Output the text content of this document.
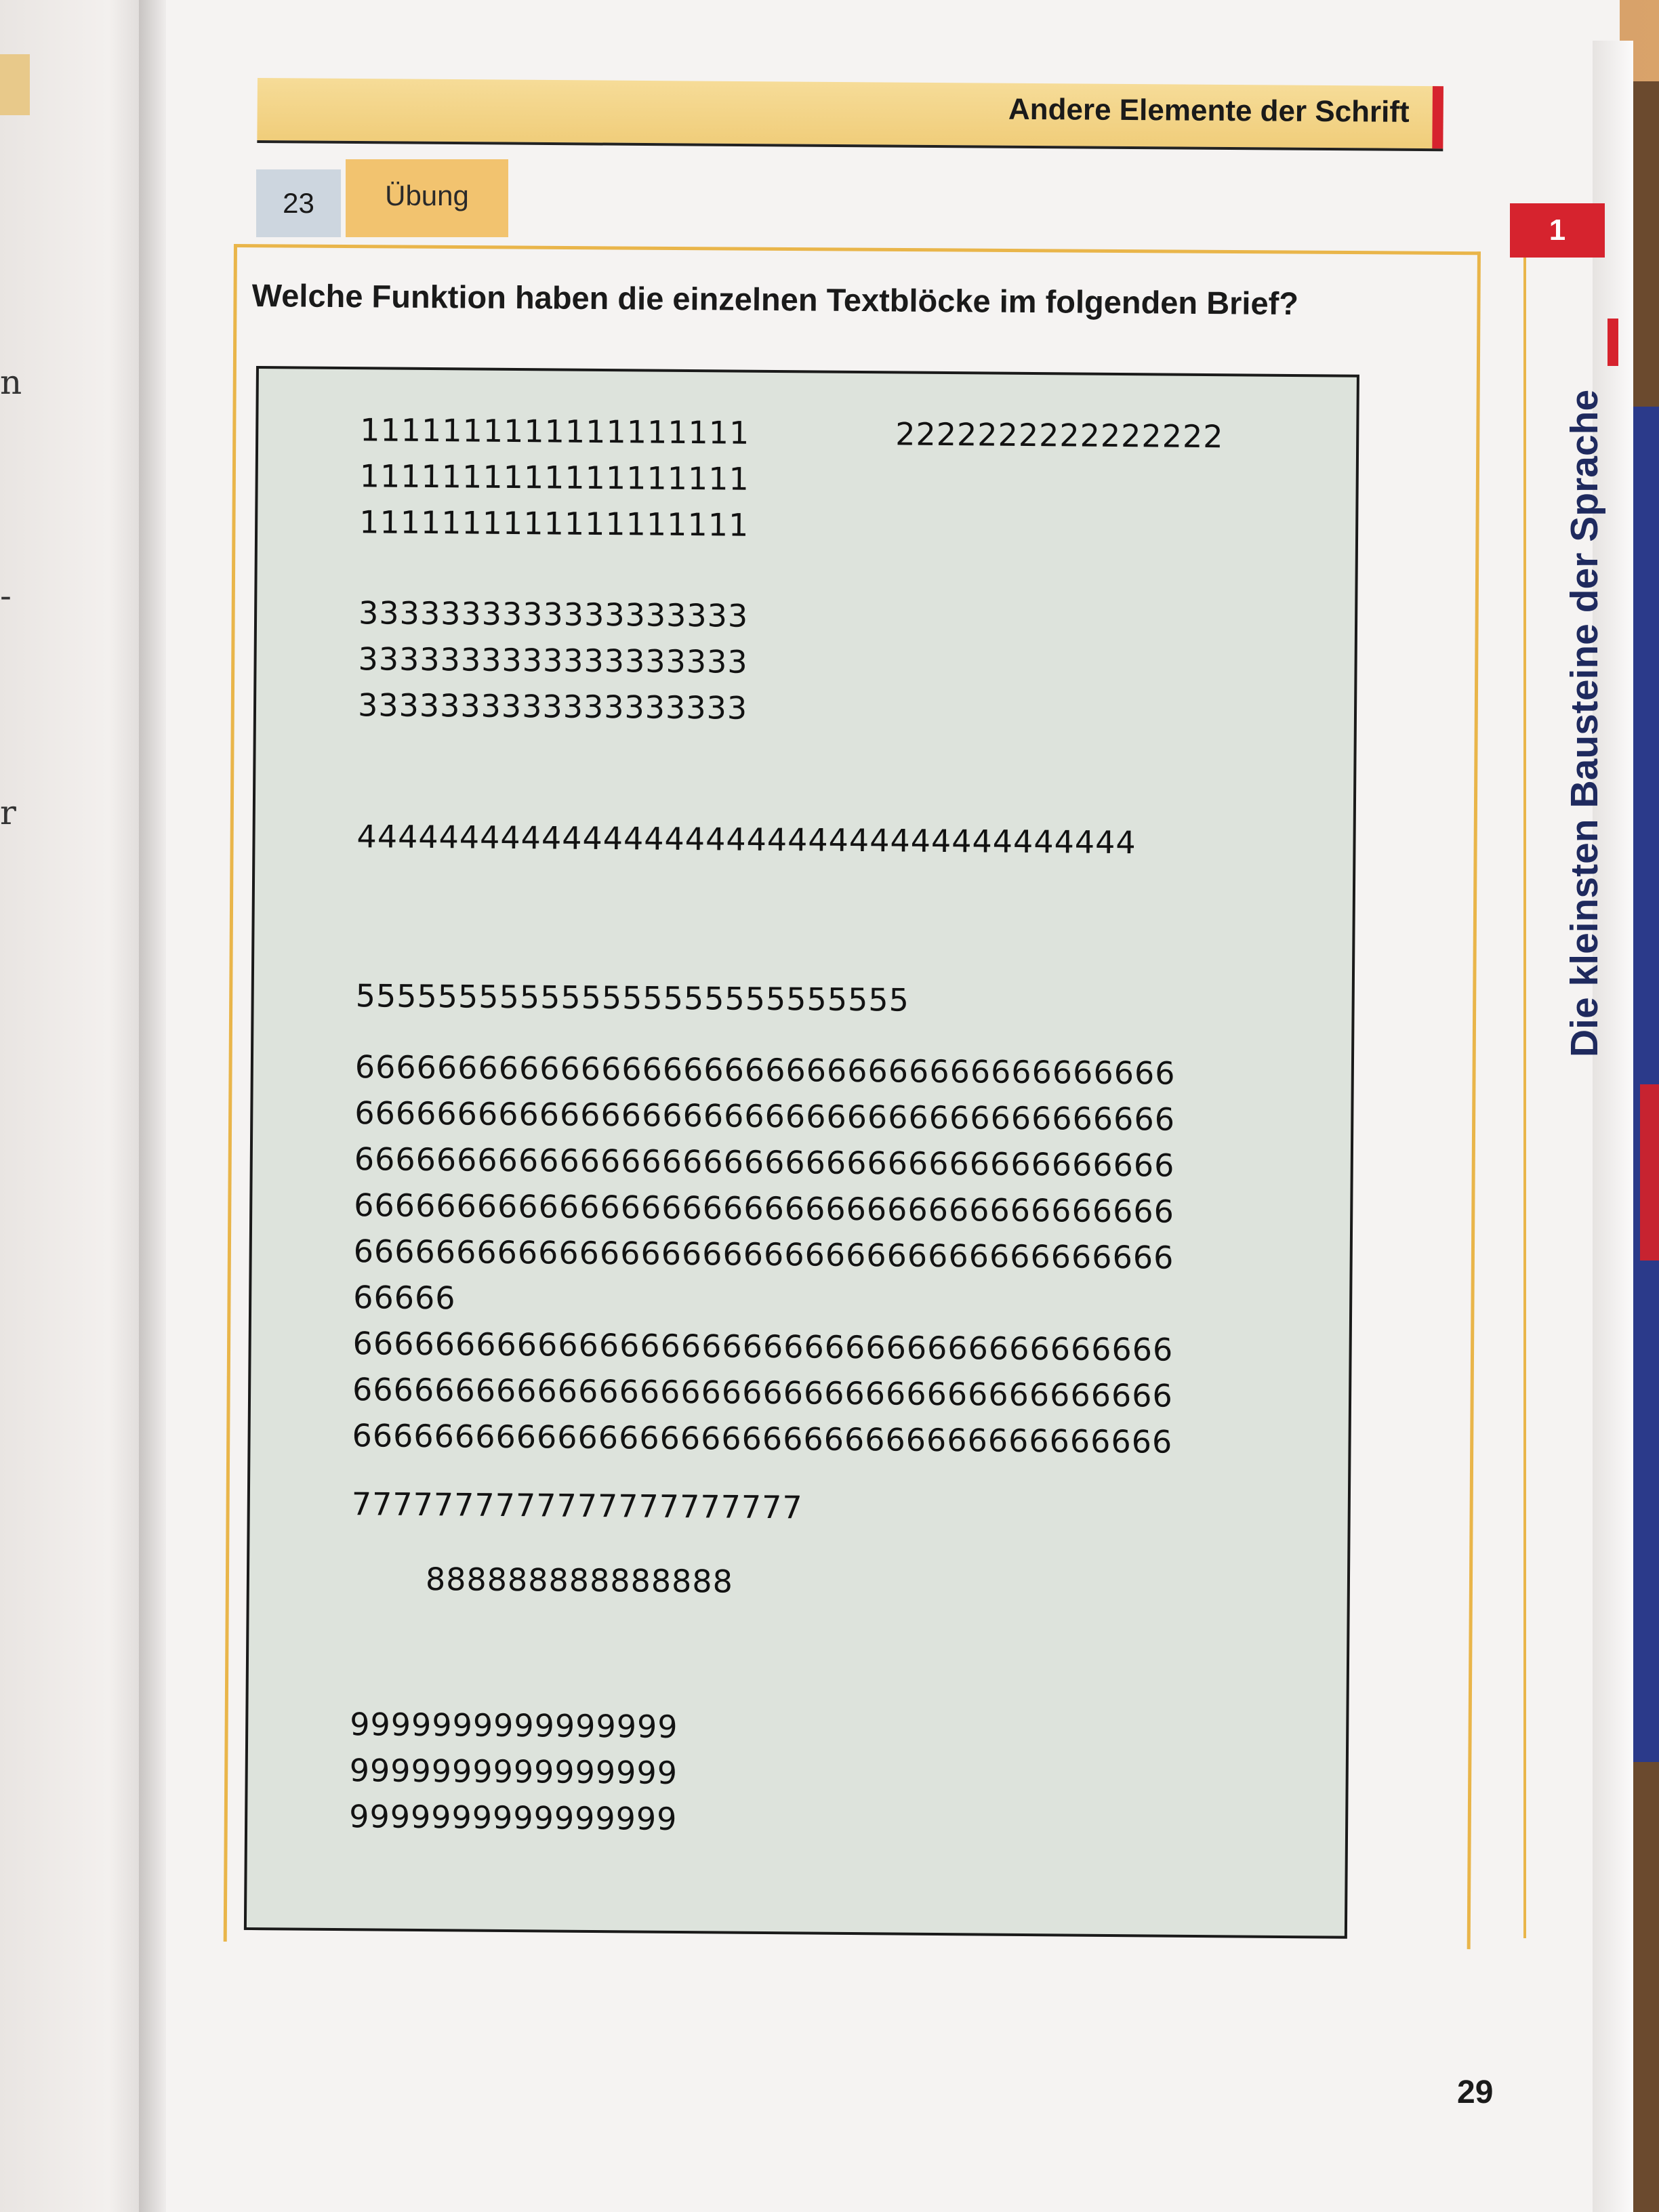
n
-
r
Andere Elemente der Schrift
23	Übung
Welche Funktion haben die einzelnen Textblöcke im folgenden Brief?
1111111111111111111
1111111111111111111
1111111111111111111
2222222222222222
3333333333333333333
3333333333333333333
3333333333333333333
44444444444444444444444444444444444444
555555555555555555555555555
6666666666666666666666666666666666666666
6666666666666666666666666666666666666666
6666666666666666666666666666666666666666
6666666666666666666666666666666666666666
6666666666666666666666666666666666666666
66666
6666666666666666666666666666666666666666
6666666666666666666666666666666666666666
6666666666666666666666666666666666666666
7777777777777777777777
888888888888888
9999999999999999
9999999999999999
9999999999999999
1
Die kleinsten Bausteine der Sprache
29
